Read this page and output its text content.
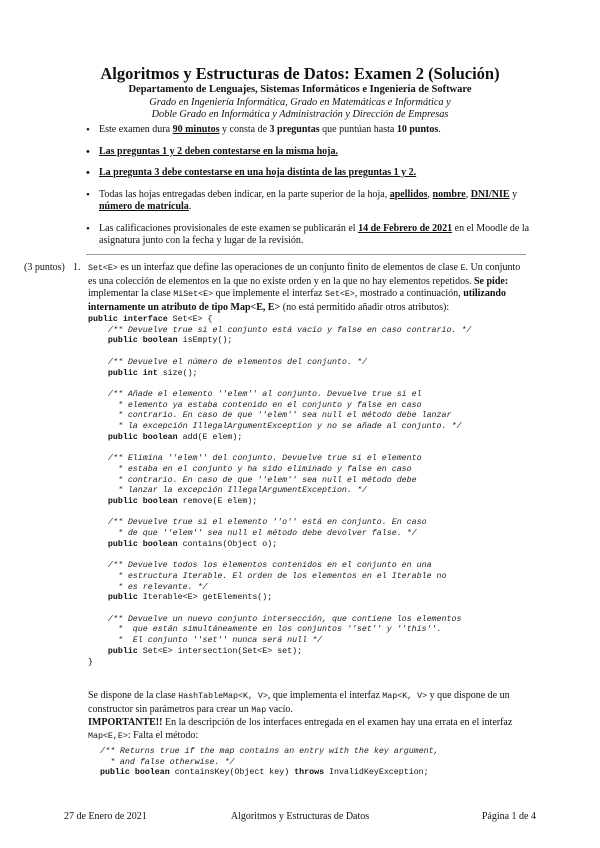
Algoritmos y Estructuras de Datos: Examen 2 (Solución)
Departamento de Lenguajes, Sistemas Informáticos e Ingeniería de Software
Grado en Ingeniería Informática, Grado en Matemáticas e Informática y
Doble Grado en Informática y Administración y Dirección de Empresas
• Este examen dura 90 minutos y consta de 3 preguntas que puntúan hasta 10 puntos.
• Las preguntas 1 y 2 deben contestarse en la misma hoja.
• La pregunta 3 debe contestarse en una hoja distinta de las preguntas 1 y 2.
• Todas las hojas entregadas deben indicar, en la parte superior de la hoja, apellidos, nombre, DNI/NIE y número de matrícula.
• Las calificaciones provisionales de este examen se publicarán el 14 de Febrero de 2021 en el Moodle de la asignatura junto con la fecha y lugar de la revisión.
(3 puntos) 1. Set<E> es un interfaz que define las operaciones de un conjunto finito de elementos de clase E. Un conjunto es una colección de elementos en la que no existe orden y en la que no hay elementos repetidos. Se pide: implementar la clase MiSet<E> que implemente el interfaz Set<E>, mostrado a continuación, utilizando internamente un atributo de tipo Map<E, E> (no está permitido añadir otros atributos):
public interface Set<E> {
/** Devuelve true si el conjunto está vacío y false en caso contrario. */
public boolean isEmpty();

/** Devuelve el número de elementos del conjunto. */
public int size();

/** Añade el elemento ''elem'' al conjunto. Devuelve true si el
* elemento ya estaba contenido en el conjunto y false en caso
* contrario. En caso de que ''elem'' sea null el método debe lanzar
* la excepción IllegalArgumentException y no se añade al conjunto. */
public boolean add(E elem);

/** Elimina ''elem'' del conjunto. Devuelve true si el elemento
* estaba en el conjunto y ha sido eliminado y false en caso
* contrario. En caso de que ''elem'' sea null el método debe
* lanzar la excepción IllegalArgumentException. */
public boolean remove(E elem);

/** Devuelve true si el elemento ''o'' está en conjunto. En caso
* de que ''elem'' sea null el método debe devolver false. */
public boolean contains(Object o);

/** Devuelve todos los elementos contenidos en el conjunto en una
* estructura Iterable. El orden de los elementos en el Iterable no
* es relevante. */
public Iterable<E> getElements();

/** Devuelve un nuevo conjunto intersección, que contiene los elementos
*  que están simultáneamente en los conjuntos ''set'' y ''this''.
*  El conjunto ''set'' nunca será null */
public Set<E> intersection(Set<E> set);
}
Se dispone de la clase HashTableMap<K, V>, que implementa el interfaz Map<K, V> y que dispone de un constructor sin parámetros para crear un Map vacío.
IMPORTANTE!! En la descripción de los interfaces entregada en el examen hay una errata en el interfaz Map<E,E>: Falta el método:
/** Returns true if the map contains an entry with the key argument,
* and false otherwise. */
public boolean containsKey(Object key) throws InvalidKeyException;
27 de Enero de 2021	Algoritmos y Estructuras de Datos	Página 1 de 4
